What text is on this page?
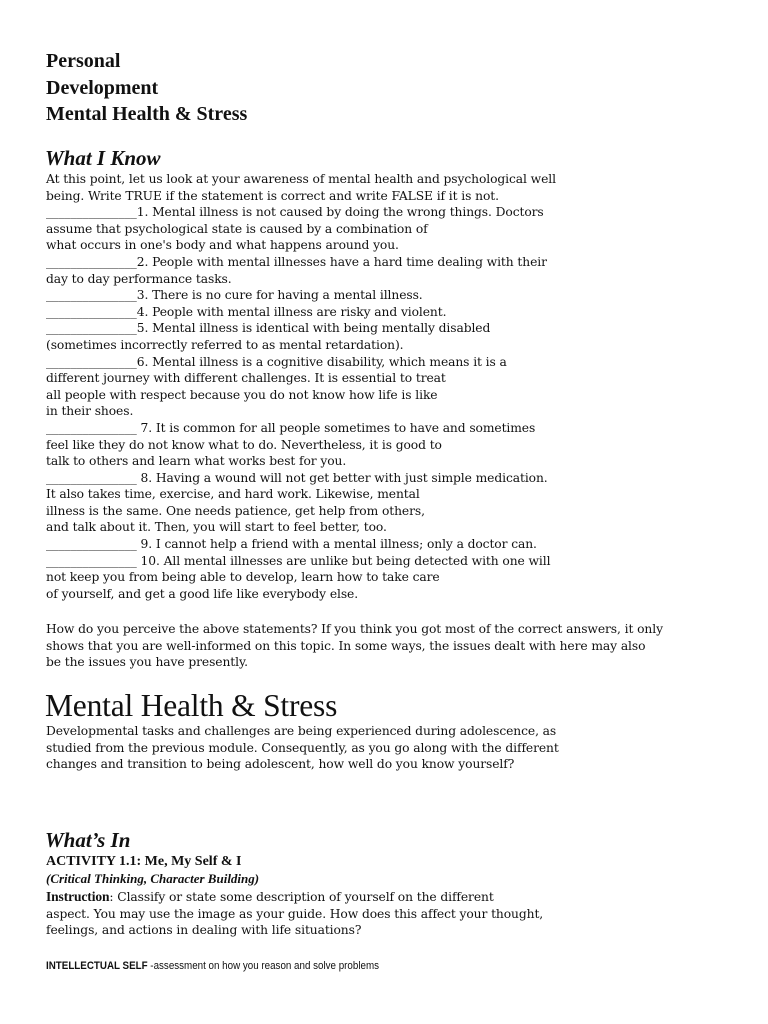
Personal
Development
Mental Health & Stress
What I Know
At this point, let us look at your awareness of mental health and psychological well
being. Write TRUE if the statement is correct and write FALSE if it is not.
_______________1. Mental illness is not caused by doing the wrong things. Doctors
assume that psychological state is caused by a combination of
what occurs in one's body and what happens around you.
_______________2. People with mental illnesses have a hard time dealing with their
day to day performance tasks.
_______________3. There is no cure for having a mental illness.
_______________4. People with mental illness are risky and violent.
_______________5. Mental illness is identical with being mentally disabled
(sometimes incorrectly referred to as mental retardation).
_______________6. Mental illness is a cognitive disability, which means it is a
different journey with different challenges. It is essential to treat
all people with respect because you do not know how life is like
in their shoes.
_______________ 7. It is common for all people sometimes to have and sometimes
feel like they do not know what to do. Nevertheless, it is good to
talk to others and learn what works best for you.
_______________ 8. Having a wound will not get better with just simple medication.
It also takes time, exercise, and hard work. Likewise, mental
illness is the same. One needs patience, get help from others,
and talk about it. Then, you will start to feel better, too.
_______________ 9. I cannot help a friend with a mental illness; only a doctor can.
_______________ 10. All mental illnesses are unlike but being detected with one will
not keep you from being able to develop, learn how to take care
of yourself, and get a good life like everybody else.
How do you perceive the above statements? If you think you got most of the correct answers, it only
shows that you are well-informed on this topic. In some ways, the issues dealt with here may also
be the issues you have presently.
Mental Health & Stress
Developmental tasks and challenges are being experienced during adolescence, as
studied from the previous module. Consequently, as you go along with the different
changes and transition to being adolescent, how well do you know yourself?
What’s In
ACTIVITY 1.1: Me, My Self & I
(Critical Thinking, Character Building)
Instruction: Classify or state some description of yourself on the different
aspect. You may use the image as your guide. How does this affect your thought,
feelings, and actions in dealing with life situations?
INTELLECTUAL SELF -assessment on how you reason and solve problems
